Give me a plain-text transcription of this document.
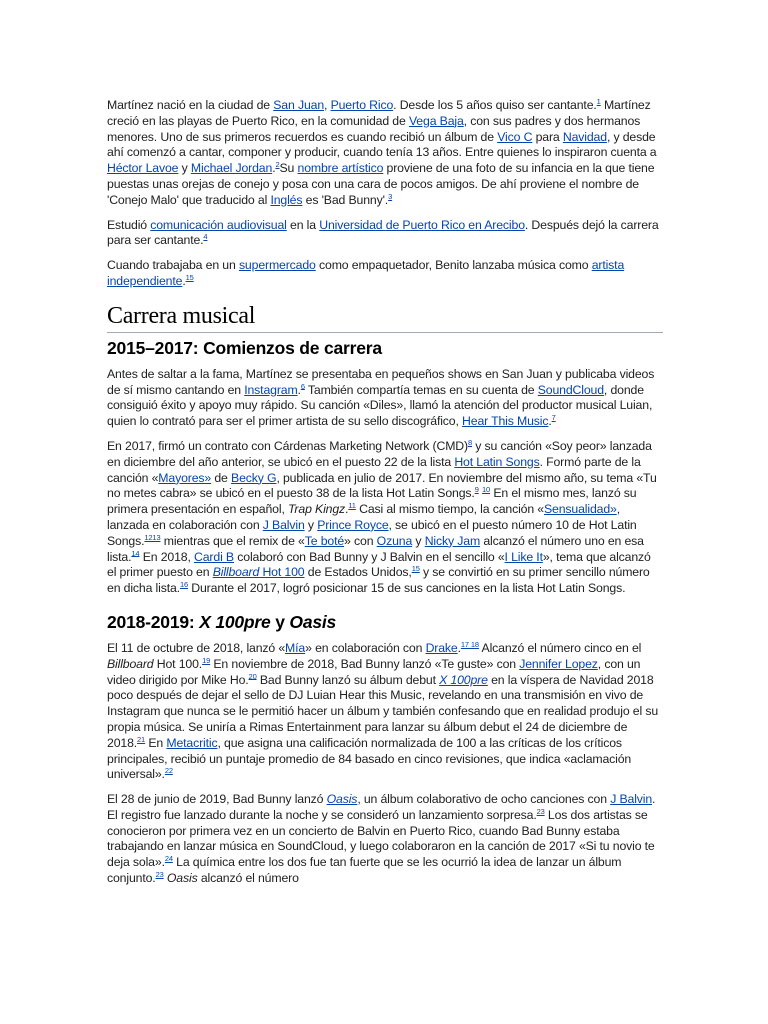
Martínez nació en la ciudad de San Juan, Puerto Rico. Desde los 5 años quiso ser cantante.$^1$ Martínez creció en las playas de Puerto Rico, en la comunidad de Vega Baja, con sus padres y dos hermanos menores. Uno de sus primeros recuerdos es cuando recibió un álbum de Vico C para Navidad, y desde ahí comenzó a cantar, componer y producir, cuando tenía 13 años. Entre quienes lo inspiraron cuenta a Héctor Lavoe y Michael Jordan.$^2$Su nombre artístico proviene de una foto de su infancia en la que tiene puestas unas orejas de conejo y posa con una cara de pocos amigos. De ahí proviene el nombre de 'Conejo Malo' que traducido al Inglés es 'Bad Bunny'.$^3$

Estudió comunicación audiovisual en la Universidad de Puerto Rico en Arecibo. Después dejó la carrera para ser cantante.$^4$

Cuando trabajaba en un supermercado como empaquetador, Benito lanzaba música como artista independiente.$^{15}$

Carrera musical
2015–2017: Comienzos de carrera

Antes de saltar a la fama, Martínez se presentaba en pequeños shows en San Juan y publicaba videos de sí mismo cantando en Instagram.$^6$ También compartía temas en su cuenta de SoundCloud, donde consiguió éxito y apoyo muy rápido. Su canción «Diles», llamó la atención del productor musical Luian, quien lo contrató para ser el primer artista de su sello discográfico, Hear This Music.$^7$

En 2017, firmó un contrato con Cárdenas Marketing Network (CMD)$^8$ y su canción «Soy peor» lanzada en diciembre del año anterior, se ubicó en el puesto 22 de la lista Hot Latin Songs. Formó parte de la canción «Mayores» de Becky G, publicada en julio de 2017. En noviembre del mismo año, su tema «Tu no metes cabra» se ubicó en el puesto 38 de la lista Hot Latin Songs.$^9$ $^{10}$ En el mismo mes, lanzó su primera presentación en español, Trap Kingz.$^{11}$ Casi al mismo tiempo, la canción «Sensualidad», lanzada en colaboración con J Balvin y Prince Royce, se ubicó en el puesto número 10 de Hot Latin Songs.$^{1213}$ mientras que el remix de «Te boté» con Ozuna y Nicky Jam alcanzó el número uno en esa lista.$^{14}$ En 2018, Cardi B colaboró con Bad Bunny y J Balvin en el sencillo «I Like It», tema que alcanzó el primer puesto en Billboard Hot 100 de Estados Unidos,$^{15}$ y se convirtió en su primer sencillo número en dicha lista.$^{16}$ Durante el 2017, logró posicionar 15 de sus canciones en la lista Hot Latin Songs.

2018-2019: X 100pre y Oasis

El 11 de octubre de 2018, lanzó «Mía» en colaboración con Drake.$^{17 18}$ Alcanzó el número cinco en el Billboard Hot 100.19 En noviembre de 2018, Bad Bunny lanzó «Te guste» con Jennifer Lopez, con un video dirigido por Mike Ho.$^{20}$ Bad Bunny lanzó su álbum debut X 100pre en la víspera de Navidad 2018 poco después de dejar el sello de DJ Luian Hear this Music, revelando en una transmisión en vivo de Instagram que nunca se le permitió hacer un álbum y también confesando que en realidad produjo el su propia música. Se uniría a Rimas Entertainment para lanzar su álbum debut el 24 de diciembre de 2018.21 En Metacritic, que asigna una calificación normalizada de 100 a las críticas de los críticos principales, recibió un puntaje promedio de 84 basado en cinco revisiones, que indica «aclamación universal».$^{22}$

El 28 de junio de 2019, Bad Bunny lanzó Oasis, un álbum colaborativo de ocho canciones con J Balvin. El registro fue lanzado durante la noche y se consideró un lanzamiento sorpresa.$^{23}$ Los dos artistas se conocieron por primera vez en un concierto de Balvin en Puerto Rico, cuando Bad Bunny estaba trabajando en lanzar música en SoundCloud, y luego colaboraron en la canción de 2017 «Si tu novio te deja sola».$^{24}$ La química entre los dos fue tan fuerte que se les ocurrió la idea de lanzar un álbum conjunto.$^{23}$ Oasis alcanzó el número
